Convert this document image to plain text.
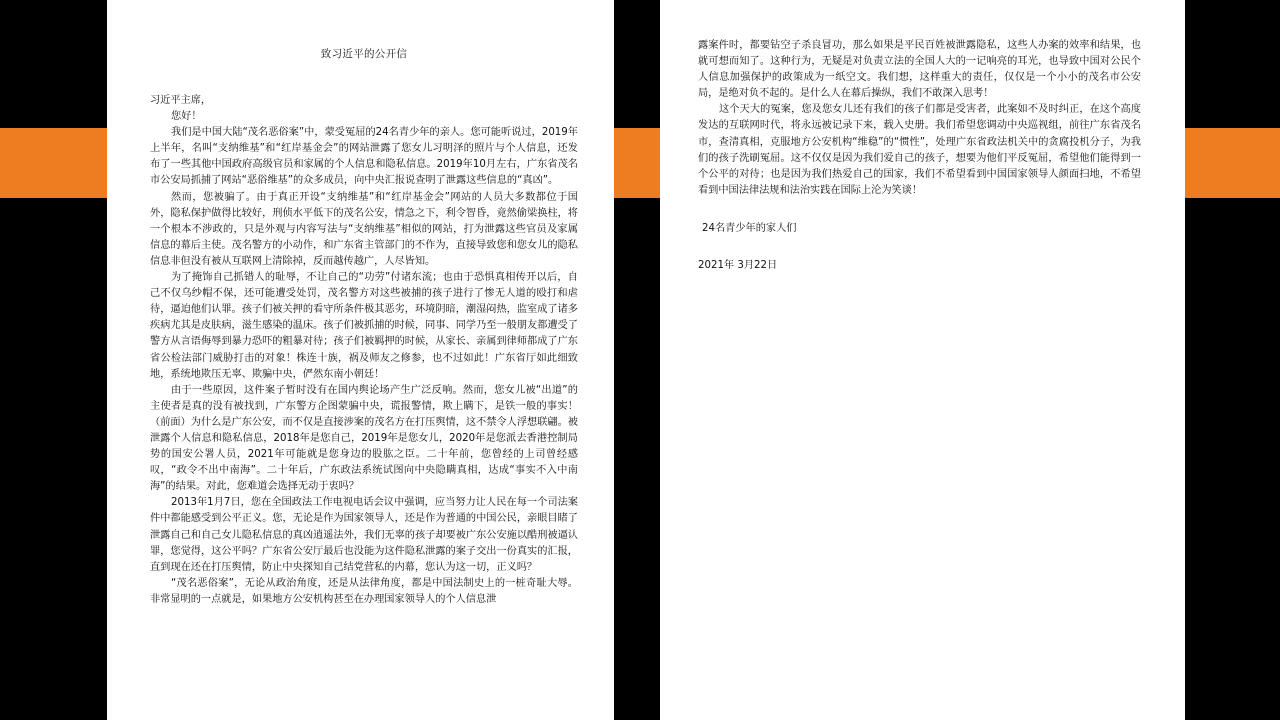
致习近平的公开信

习近平主席，

您好！

我们是中国大陆“茂名恶俗案”中，蒙受冤屈的24名青少年的亲人。您可能听说过，2019年上半年，名叫“支纳维基”和“红岸基金会”的网站泄露了您女儿习明泽的照片与个人信息，还发布了一些其他中国政府高级官员和家属的个人信息和隐私信息。2019年10月左右，广东省茂名市公安局抓捕了网站“恶俗维基”的众多成员，向中央汇报说查明了泄露这些信息的“真凶”。

然而，您被骗了。由于真正开设“支纳维基”和“红岸基金会”网站的人员大多数都位于国外，隐私保护做得比较好，刑侦水平低下的茂名公安，情急之下，利令智昏，竟然偷梁换柱，将一个根本不涉政的，只是外观与内容写法与“支纳维基”相似的网站，打为泄露这些官员及家属信息的幕后主使。茂名警方的小动作，和广东省主管部门的不作为，直接导致您和您女儿的隐私信息非但没有被从互联网上清除掉，反而越传越广，人尽皆知。

为了掩饰自己抓错人的耻辱，不让自己的“功劳”付诸东流；也由于恐惧真相传开以后，自己不仅乌纱帽不保，还可能遭受处罚，茂名警方对这些被捕的孩子进行了惨无人道的殴打和虐待，逼迫他们认罪。孩子们被关押的看守所条件极其恶劣，环境阴暗，潮湿闷热，监室成了诸多疾病尤其是皮肤病，滋生感染的温床。孩子们被抓捕的时候，同事、同学乃至一般朋友都遭受了警方从言语侮辱到暴力恐吓的粗暴对待；孩子们被羁押的时候，从家长、亲属到律师都成了广东省公检法部门威胁打击的对象！株连十族，祸及师友之修参，也不过如此！广东省厅如此细致地，系统地欺压无辜、欺骗中央，俨然东南小朝廷！

由于一些原因，这件案子暂时没有在国内舆论场产生广泛反响。然而，您女儿被“出道”的主使者是真的没有被找到，广东警方企图蒙骗中央，谎报警情，欺上瞒下，是铁一般的事实！（前面）为什么是广东公安，而不仅是直接涉案的茂名方在打压舆情，这不禁令人浮想联翩。被泄露个人信息和隐私信息，2018年是您自己，2019年是您女儿，2020年是您派去香港控制局势的国安公署人员，2021年可能就是您身边的股肱之臣。二十年前，您曾经的上司曾经感叹，“政令不出中南海”。二十年后，广东政法系统试图向中央隐瞒真相，达成“事实不入中南海”的结果。对此，您难道会选择无动于衷吗？

2013年1月7日，您在全国政法工作电视电话会议中强调，应当努力让人民在每一个司法案件中都能感受到公平正义。您，无论是作为国家领导人，还是作为普通的中国公民，亲眼目睹了泄露自己和自己女儿隐私信息的真凶逍遥法外，我们无辜的孩子却要被广东公安施以酷刑被逼认罪，您觉得，这公平吗？广东省公安厅最后也没能为这件隐私泄露的案子交出一份真实的汇报，直到现在还在打压舆情，防止中央探知自己结党营私的内幕，您认为这一切，正义吗？

“茂名恶俗案”，无论从政治角度，还是从法律角度，都是中国法制史上的一桩奇耻大辱。非常显明的一点就是，如果地方公安机构甚至在办理国家领导人的个人信息泄

露案件时，都要钻空子杀良冒功，那么如果是平民百姓被泄露隐私，这些人办案的效率和结果，也就可想而知了。这种行为，无疑是对负责立法的全国人大的一记响亮的耳光，也导致中国对公民个人信息加强保护的政策成为一纸空文。我们想，这样重大的责任，仅仅是一个小小的茂名市公安局，是绝对负不起的。是什么人在幕后操纵，我们不敢深入思考！

这个天大的冤案，您及您女儿还有我们的孩子们都是受害者，此案如不及时纠正，在这个高度发达的互联网时代，将永远被记录下来，载入史册。我们希望您调动中央巡视组，前往广东省茂名市，查清真相，克服地方公安机构“维稳”的“惯性”，处理广东省政法机关中的贪腐投机分子，为我们的孩子洗刷冤屈。这不仅仅是因为我们爱自己的孩子，想要为他们平反冤屈，希望他们能得到一个公平的对待；也是因为我们热爱自己的国家，我们不希望看到中国国家领导人颜面扫地，不希望看到中国法律法规和法治实践在国际上沦为笑谈！

24名青少年的家人们

2021年 3月22日
